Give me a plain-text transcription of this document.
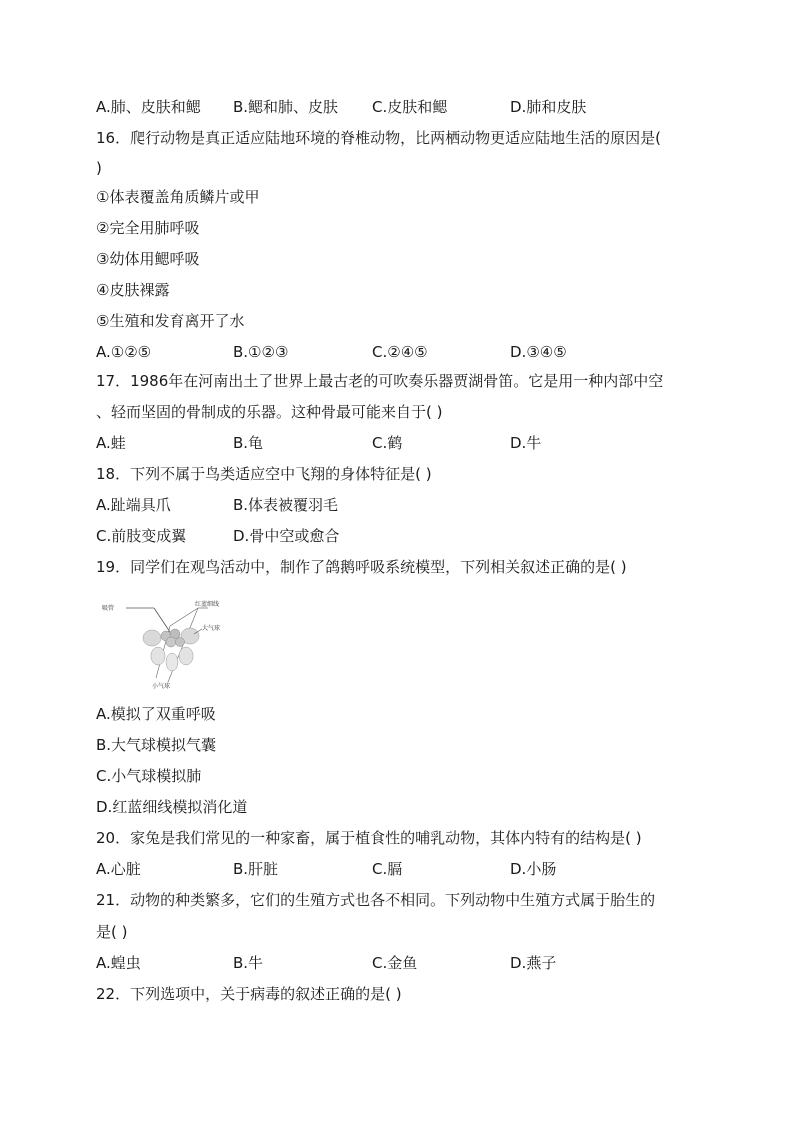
A.肺、皮肤和鳃 B.鳃和肺、皮肤 C.皮肤和鳃	D.肺和皮肤
16．爬行动物是真正适应陆地环境的脊椎动物，比两栖动物更适应陆地生活的原因是(
)
①体表覆盖角质鳞片或甲
②完全用肺呼吸
③幼体用鳃呼吸
④皮肤裸露
⑤生殖和发育离开了水
A.①②⑤	B.①②③	C.②④⑤	D.③④⑤
17．1986年在河南出土了世界上最古老的可吹奏乐器贾湖骨笛。它是用一种内部中空
、轻而坚固的骨制成的乐器。这种骨最可能来自于( )
A.蛙	B.龟	C.鹤	D.牛
18．下列不属于鸟类适应空中飞翔的身体特征是( )
A.趾端具爪	B.体表被覆羽毛
C.前肢变成翼	D.骨中空或愈合
19．同学们在观鸟活动中，制作了鸽鹅呼吸系统模型，下列相关叙述正确的是( )
吸管
红蓝细线
大气球
小气球
A.模拟了双重呼吸
B.大气球模拟气囊
C.小气球模拟肺
D.红蓝细线模拟消化道
20．家兔是我们常见的一种家畜，属于植食性的哺乳动物，其体内特有的结构是( )
A.心脏	B.肝脏	C.膈	D.小肠
21．动物的种类繁多，它们的生殖方式也各不相同。下列动物中生殖方式属于胎生的
是( )
A.蝗虫	B.牛	C.金鱼	D.燕子
22．下列选项中，关于病毒的叙述正确的是( )
